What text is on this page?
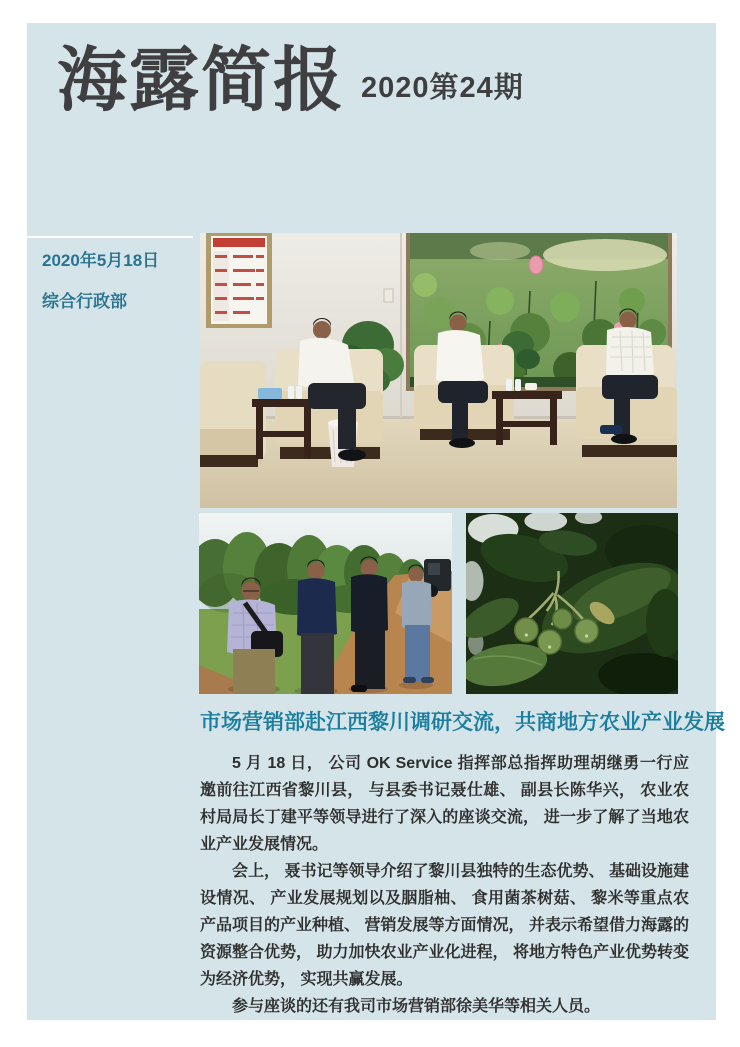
海露简报 2020第24期
2020年5月18日
综合行政部
市场营销部赴江西黎川调研交流，共商地方农业产业发展

5 月 18 日， 公司 OK Service 指挥部总指挥助理胡继勇一行应邀前往江西省黎川县， 与县委书记聂仕雄、 副县长陈华兴， 农业农村局局长丁建平等领导进行了深入的座谈交流， 进一步了解了当地农业产业发展情况。

会上， 聂书记等领导介绍了黎川县独特的生态优势、 基础设施建设情况、 产业发展规划以及胭脂柚、 食用菌茶树菇、 黎米等重点农产品项目的产业种植、 营销发展等方面情况， 并表示希望借力海露的资源整合优势， 助力加快农业产业化进程， 将地方特色产业优势转变为经济优势， 实现共赢发展。

参与座谈的还有我司市场营销部徐美华等相关人员。
